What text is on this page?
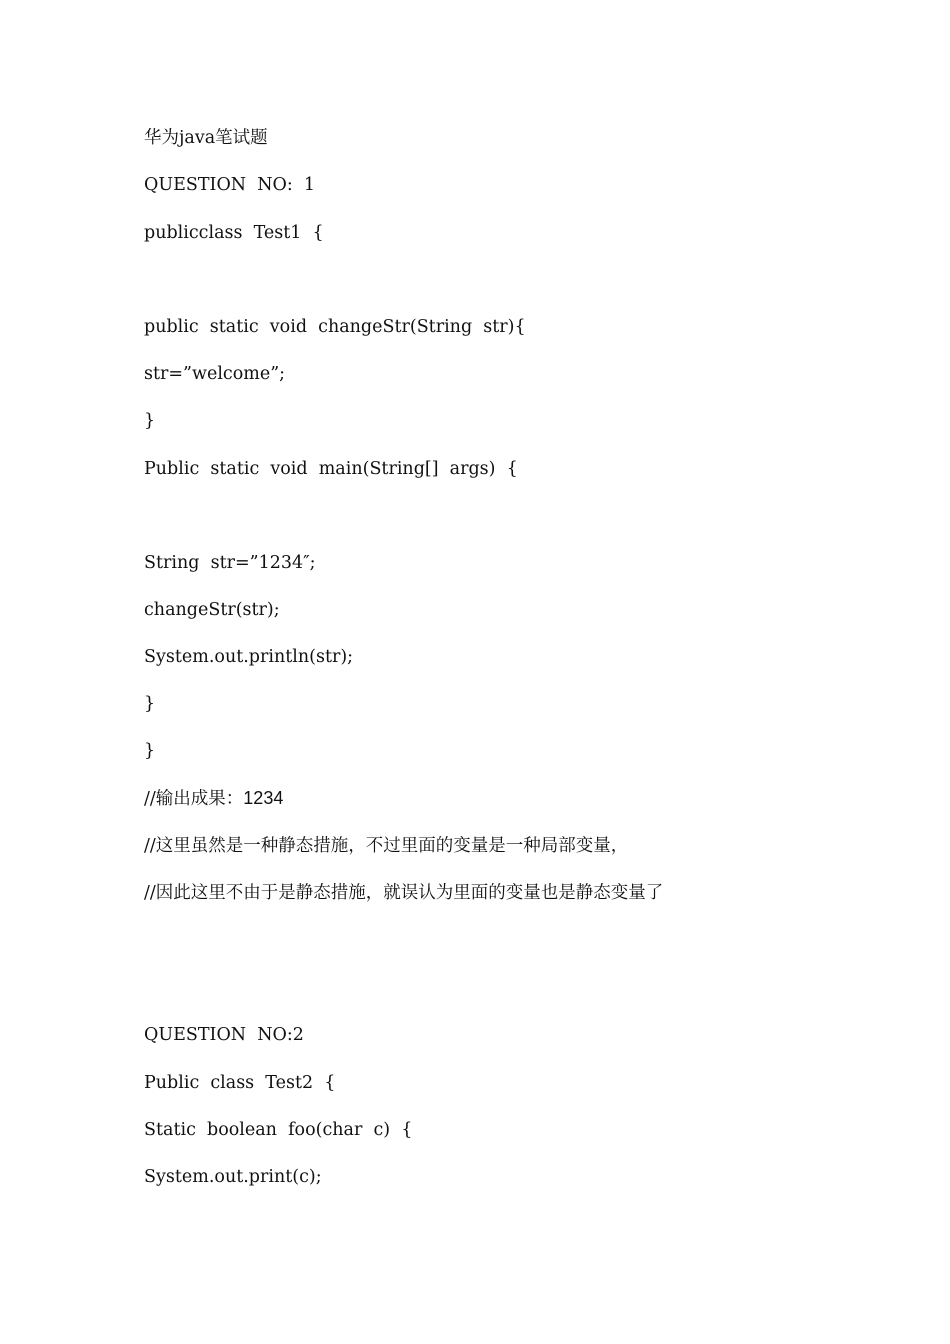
华为java笔试题
QUESTION  NO:  1
publicclass  Test1  {
public  static  void  changeStr(String  str){
str=”welcome”;
}
Public  static  void  main(String[]  args)  {
String  str=”1234″;
changeStr(str);
System.out.println(str);
}
}
//输出成果：1234
//这里虽然是一种静态措施，不过里面的变量是一种局部变量，
//因此这里不由于是静态措施，就误认为里面的变量也是静态变量了
QUESTION  NO:2
Public  class  Test2  {
Static  boolean  foo(char  c)  {
System.out.print(c);
